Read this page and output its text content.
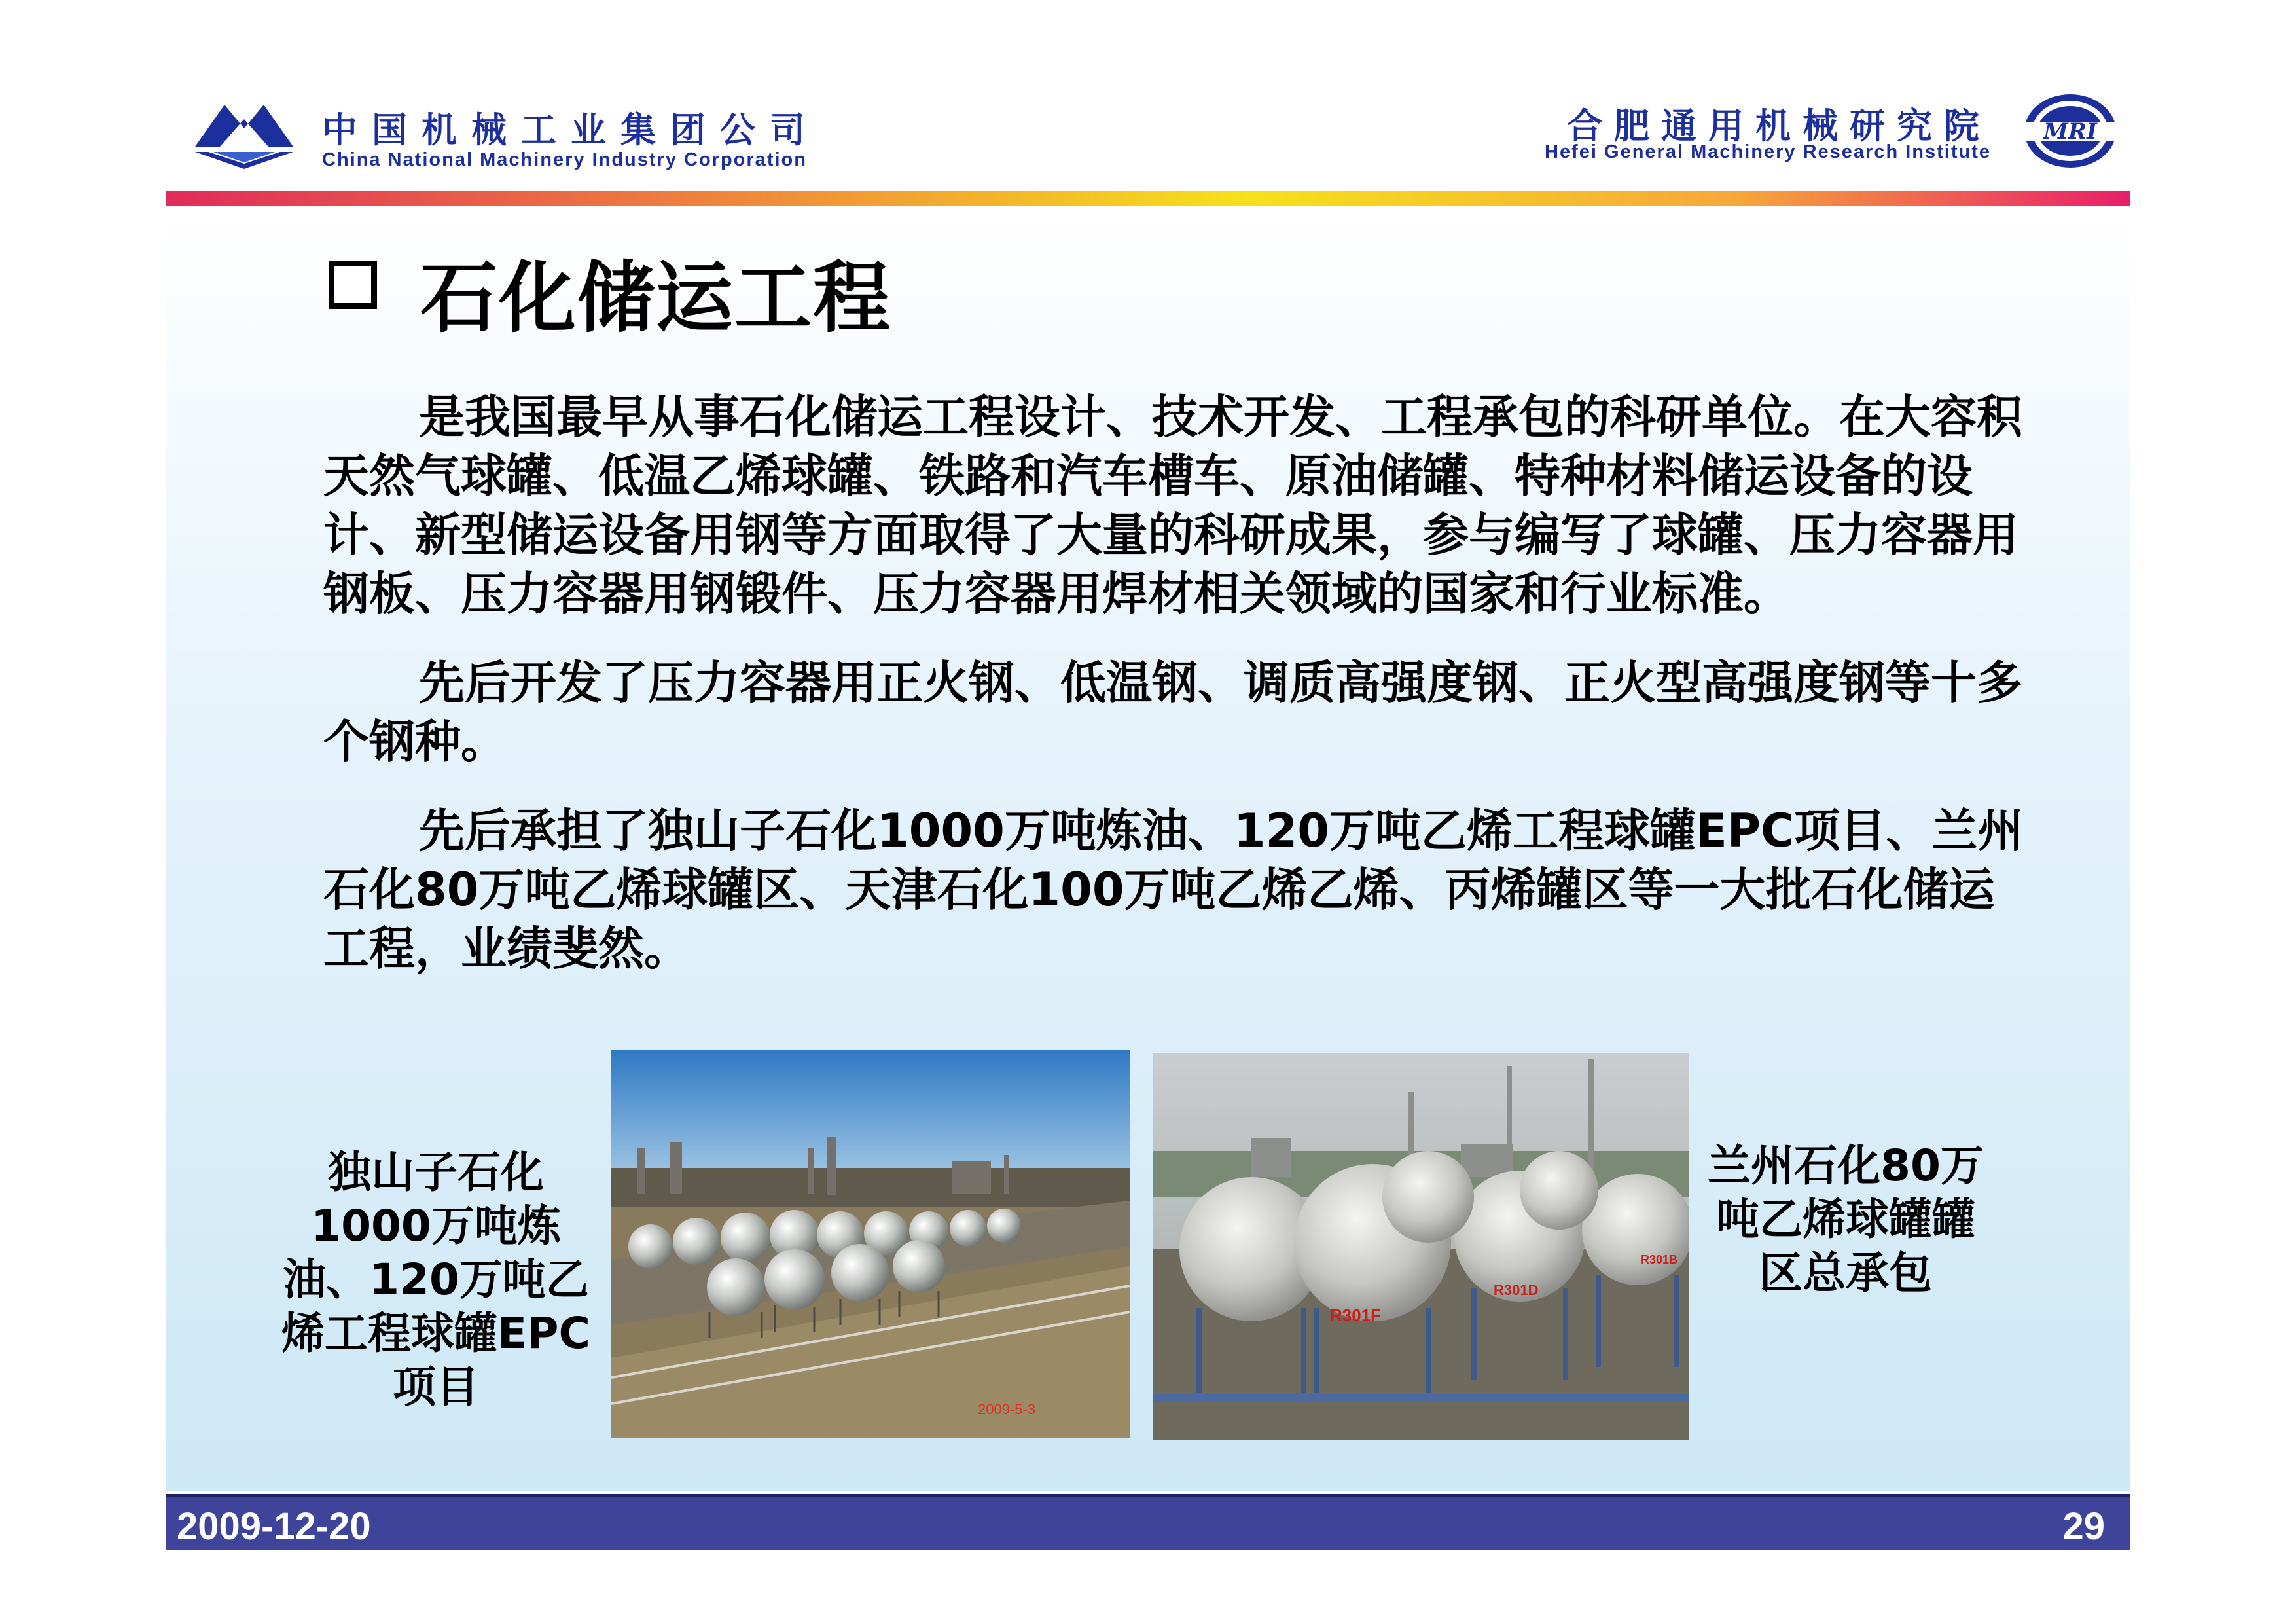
中国机械工业集团公司
China National Machinery Industry Corporation
合肥通用机械研究院
Hefei General Machinery Research Institute
MRI
石化储运工程

是我国最早从事石化储运工程设计、技术开发、工程承包的科研单位。在大容积天然气球罐、低温乙烯球罐、铁路和汽车槽车、原油储罐、特种材料储运设备的设计、新型储运设备用钢等方面取得了大量的科研成果，参与编写了球罐、压力容器用钢板、压力容器用钢锻件、压力容器用焊材相关领域的国家和行业标准。

先后开发了压力容器用正火钢、低温钢、调质高强度钢、正火型高强度钢等十多个钢种。

先后承担了独山子石化1000万吨炼油、120万吨乙烯工程球罐EPC项目、兰州石化80万吨乙烯球罐区、天津石化100万吨乙烯乙烯、丙烯罐区等一大批石化储运工程，业绩斐然。

独山子石化1000万吨炼油、120万吨乙烯工程球罐EPC项目	2009-5-3
R301F
R301D
R301B
兰州石化80万吨乙烯球罐罐区总承包
2009-12-20	29
